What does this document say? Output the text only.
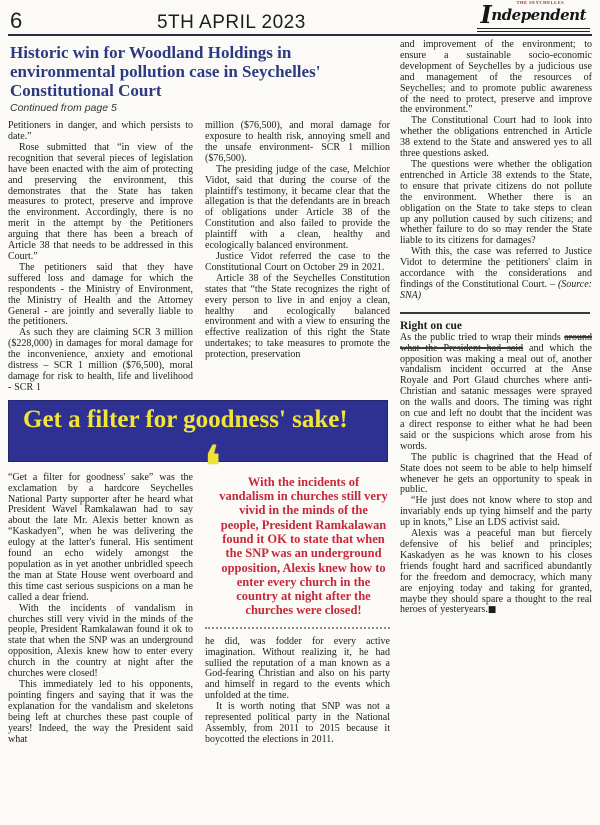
6	5TH APRIL 2023
THE SEYCHELLES
Independent
Historic win for Woodland Holdings in environmental pollution case in Seychelles' Constitutional Court
Continued from page 5

Petitioners in danger, and which persists to date.”

Rose submitted that “in view of the recognition that several pieces of legislation have been enacted with the aim of protecting and preserving the environment, this demonstrates that the State has taken measures to protect, preserve and improve the environment. Accordingly, there is no merit in the attempt by the Petitioners arguing that there has been a breach of Article 38 that needs to be addressed in this Court.”

The petitioners said that they have suffered loss and damage for which the respondents - the Ministry of Environment, the Ministry of Health and the Attorney General - are jointly and severally liable to the petitioners.

As such they are claiming SCR 3 million ($228,000) in damages for moral damage for the inconvenience, anxiety and emotional distress – SCR 1 million ($76,500), moral damage for risk to health, life and livelihood - SCR 1

million ($76,500), and moral damage for exposure to health risk, annoying smell and the unsafe environment- SCR 1 million ($76,500).

The presiding judge of the case, Melchior Vidot, said that during the course of the plaintiff's testimony, it became clear that the allegation is that the defendants are in breach of obligations under Article 38 of the Constitution and also failed to provide the plaintiff with a clean, healthy and ecologically balanced environment.

Justice Vidot referred the case to the Constitutional Court on October 29 in 2021.

Article 38 of the Seychelles Constitution states that “the State recognizes the right of every person to live in and enjoy a clean, healthy and ecologically balanced environment and with a view to ensuring the effective realization of this right the State undertakes; to take measures to promote the protection, preservation

Get a filter for goodness' sake!

“Get a filter for goodness' sake” was the exclamation by a hardcore Seychelles National Party supporter after he heard what President Wavel Ramkalawan had to say about the late Mr. Alexis better known as “Kaskadyen”, when he was delivering the eulogy at the latter's funeral. His sentiment found an echo widely amongst the population as in yet another unbridled speech the man at State House went overboard and this time cast serious suspicions on a man he called a dear friend.

With the incidents of vandalism in churches still very vivid in the minds of the people, President Ramkalawan found it ok to state that when the SNP was an underground opposition, Alexis knew how to enter every church in the country at night after the churches were closed!

This immediately led to his opponents, pointing fingers and saying that it was the explanation for the vandalism and skeletons being left at churches these past couple of years! Indeed, the way the President said what

❛	With the incidents of vandalism in churches still very vivid in the minds of the people, President Ramkalawan found it OK to state that when the SNP was an underground opposition, Alexis knew how to enter every church in the country at night after the churches were closed!

he did, was fodder for every active imagination. Without realizing it, he had sullied the reputation of a man known as a God-fearing Christian and also on his party and himself in regard to the events which unfolded at the time.

It is worth noting that SNP was not a represented political party in the National Assembly, from 2011 to 2015 because it boycotted the elections in 2011.

and improvement of the environment; to ensure a sustainable socio-economic development of Seychelles by a judicious use and management of the resources of Seychelles; and to promote public awareness of the need to protect, preserve and improve the environment.”

The Constitutional Court had to look into whether the obligations entrenched in Article 38 extend to the State and answered yes to all three questions asked.

The questions were whether the obligation entrenched in Article 38 extends to the State, to ensure that private citizens do not pollute the environment. Whether there is an obligation on the State to take steps to clean up any pollution caused by such citizens; and whether failure to do so may render the State liable to its citizens for damages?

With this, the case was referred to Justice Vidot to determine the petitioners' claim in accordance with the considerations and findings of the Constitutional Court. – (Source: SNA)

Right on cue

As the public tried to wrap their minds around what the President had said and which the opposition was making a meal out of, another vandalism incident occurred at the Anse Royale and Port Glaud churches where anti-Christian and satanic messages were sprayed on the walls and doors. The timing was right on cue and left no doubt that the incident was a direct response to either what he had been said or the suspicions which arose from his words.

The public is chagrined that the Head of State does not seem to be able to help himself whenever he gets an opportunity to speak in public.

“He just does not know where to stop and invariably ends up tying himself and the party up in knots,” Lise an LDS activist said.

Alexis was a peaceful man but fiercely defensive of his belief and principles; Kaskadyen as he was known to his closes friends fought hard and sacrificed abundantly for the freedom and democracy, which many are enjoying today and taking for granted, maybe they should spare a thought to the real heroes of yesteryears.■
